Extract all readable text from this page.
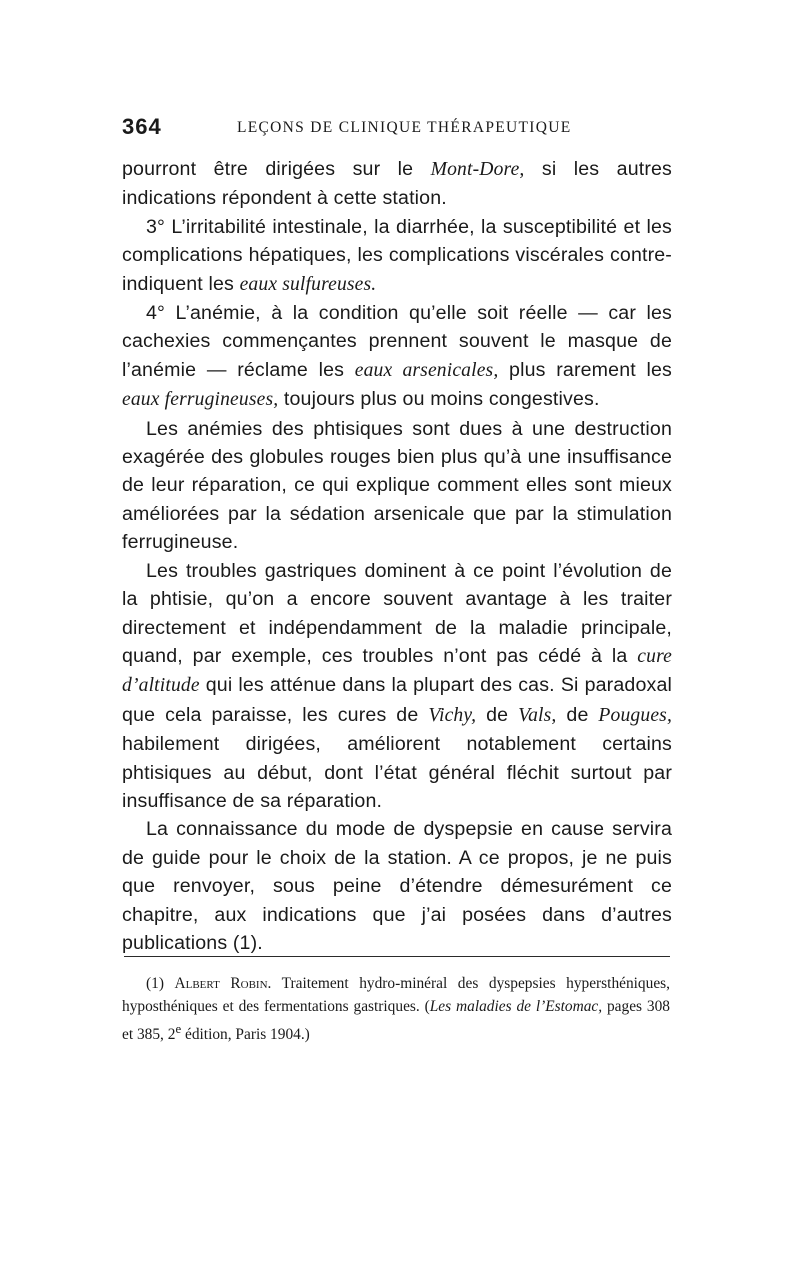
364	LEÇONS DE CLINIQUE THÉRAPEUTIQUE

pourront être dirigées sur le Mont-Dore, si les autres indications répondent à cette station.

3° L’irritabilité intestinale, la diarrhée, la susceptibilité et les complications hépatiques, les complications viscérales contre-indiquent les eaux sulfureuses.

4° L’anémie, à la condition qu’elle soit réelle — car les cachexies commençantes prennent souvent le masque de l’anémie — réclame les eaux arsenicales, plus rarement les eaux ferrugineuses, toujours plus ou moins congestives.

Les anémies des phtisiques sont dues à une destruction exagérée des globules rouges bien plus qu’à une insuffisance de leur réparation, ce qui explique comment elles sont mieux améliorées par la sédation arsenicale que par la stimulation ferrugineuse.

Les troubles gastriques dominent à ce point l’évolution de la phtisie, qu’on a encore souvent avantage à les traiter directement et indépendamment de la maladie principale, quand, par exemple, ces troubles n’ont pas cédé à la cure d’altitude qui les atténue dans la plupart des cas. Si paradoxal que cela paraisse, les cures de Vichy, de Vals, de Pougues, habilement dirigées, améliorent notablement certains phtisiques au début, dont l’état général fléchit surtout par insuffisance de sa réparation.

La connaissance du mode de dyspepsie en cause servira de guide pour le choix de la station. A ce propos, je ne puis que renvoyer, sous peine d’étendre démesurément ce chapitre, aux indications que j’ai posées dans d’autres publications (1).

(1) Albert Robin. Traitement hydro-minéral des dyspepsies hypersthéniques, hyposthéniques et des fermentations gastriques. (Les maladies de l’Estomac, pages 308 et 385, 2e édition, Paris 1904.)
